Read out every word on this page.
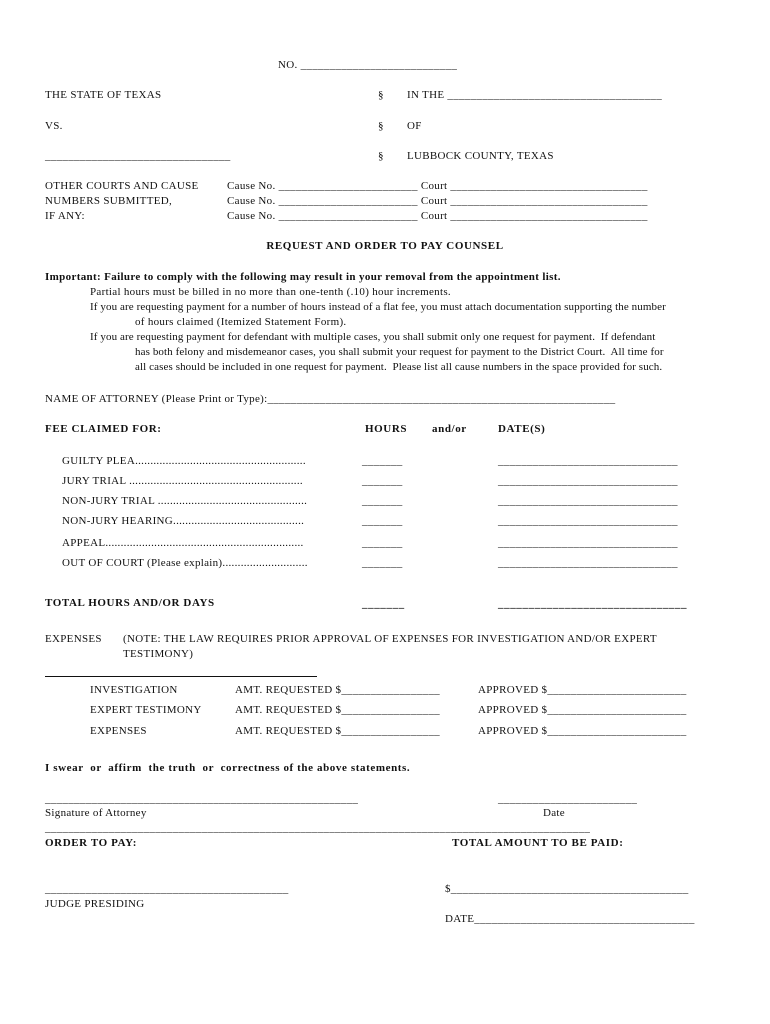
NO. ___________________________
THE STATE OF TEXAS	§ IN THE _____________________________________
VS.	§ OF
________________________________	§ LUBBOCK COUNTY, TEXAS
OTHER COURTS AND CAUSE
NUMBERS SUBMITTED,
IF ANY:
Cause No. ________________________ Court __________________________________
Cause No. ________________________ Court __________________________________
Cause No. ________________________ Court __________________________________
REQUEST AND ORDER TO PAY COUNSEL
Important: Failure to comply with the following may result in your removal from the appointment list.
Partial hours must be billed in no more than one-tenth (.10) hour increments.
If you are requesting payment for a number of hours instead of a flat fee, you must attach documentation supporting the number
of hours claimed (Itemized Statement Form).
If you are requesting payment for defendant with multiple cases, you shall submit only one request for payment.  If defendant
has both felony and misdemeanor cases, you shall submit your request for payment to the District Court.  All time for
all cases should be included in one request for payment.  Please list all cause numbers in the space provided for such.
NAME OF ATTORNEY (Please Print or Type):____________________________________________________________
FEE CLAIMED FOR:	HOURS and/or	DATE(S)
GUILTY PLEA........................................................	_______	_______________________________
JURY TRIAL .........................................................	_______	_______________________________
NON-JURY TRIAL .................................................	_______	_______________________________
NON-JURY HEARING...........................................	_______	_______________________________
APPEAL.................................................................	_______	_______________________________
OUT OF COURT (Please explain)............................	_______	_______________________________
TOTAL HOURS AND/OR DAYS	_______	_______________________________
EXPENSES (NOTE: THE LAW REQUIRES PRIOR APPROVAL OF EXPENSES FOR INVESTIGATION AND/OR EXPERT
TESTIMONY)
INVESTIGATION	AMT. REQUESTED $_________________	APPROVED $________________________
EXPERT TESTIMONY	AMT. REQUESTED $_________________	APPROVED $________________________
EXPENSES	AMT. REQUESTED $_________________	APPROVED $________________________
I swear  or  affirm  the truth  or  correctness of the above statements.
______________________________________________________	________________________
Signature of Attorney	Date
______________________________________________________________________________________________
ORDER TO PAY:	TOTAL AMOUNT TO BE PAID:
__________________________________________	$_________________________________________
JUDGE PRESIDING
DATE______________________________________
